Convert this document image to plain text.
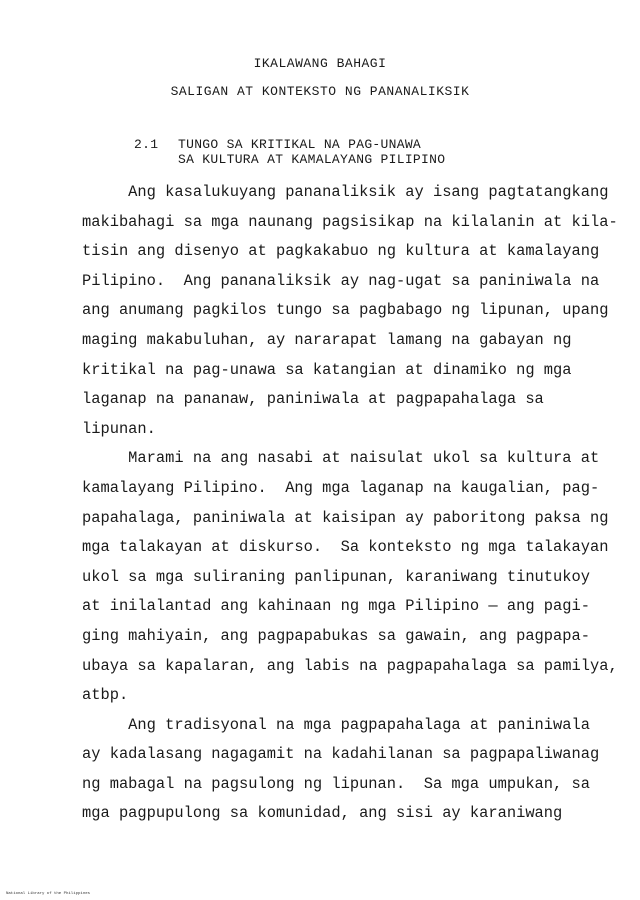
IKALAWANG BAHAGI
SALIGAN AT KONTEKSTO NG PANANALIKSIK
2.1 TUNGO SA KRITIKAL NA PAG-UNAWA
SA KULTURA AT KAMALAYANG PILIPINO
Ang kasalukuyang pananaliksik ay isang pagtatangkang
makibahagi sa mga naunang pagsisikap na kilalanin at kila-
tisin ang disenyo at pagkakabuo ng kultura at kamalayang
Pilipino.  Ang pananaliksik ay nag-ugat sa paniniwala na
ang anumang pagkilos tungo sa pagbabago ng lipunan, upang
maging makabuluhan, ay nararapat lamang na gabayan ng
kritikal na pag-unawa sa katangian at dinamiko ng mga
laganap na pananaw, paniniwala at pagpapahalaga sa
lipunan.
Marami na ang nasabi at naisulat ukol sa kultura at
kamalayang Pilipino.  Ang mga laganap na kaugalian, pag-
papahalaga, paniniwala at kaisipan ay paboritong paksa ng
mga talakayan at diskurso.  Sa konteksto ng mga talakayan
ukol sa mga suliraning panlipunan, karaniwang tinutukoy
at inilalantad ang kahinaan ng mga Pilipino — ang pagi-
ging mahiyain, ang pagpapabukas sa gawain, ang pagpapa-
ubaya sa kapalaran, ang labis na pagpapahalaga sa pamilya,
atbp.
Ang tradisyonal na mga pagpapahalaga at paniniwala
ay kadalasang nagagamit na kadahilanan sa pagpapaliwanag
ng mabagal na pagsulong ng lipunan.  Sa mga umpukan, sa
mga pagpupulong sa komunidad, ang sisi ay karaniwang
National Library of the Philippines
